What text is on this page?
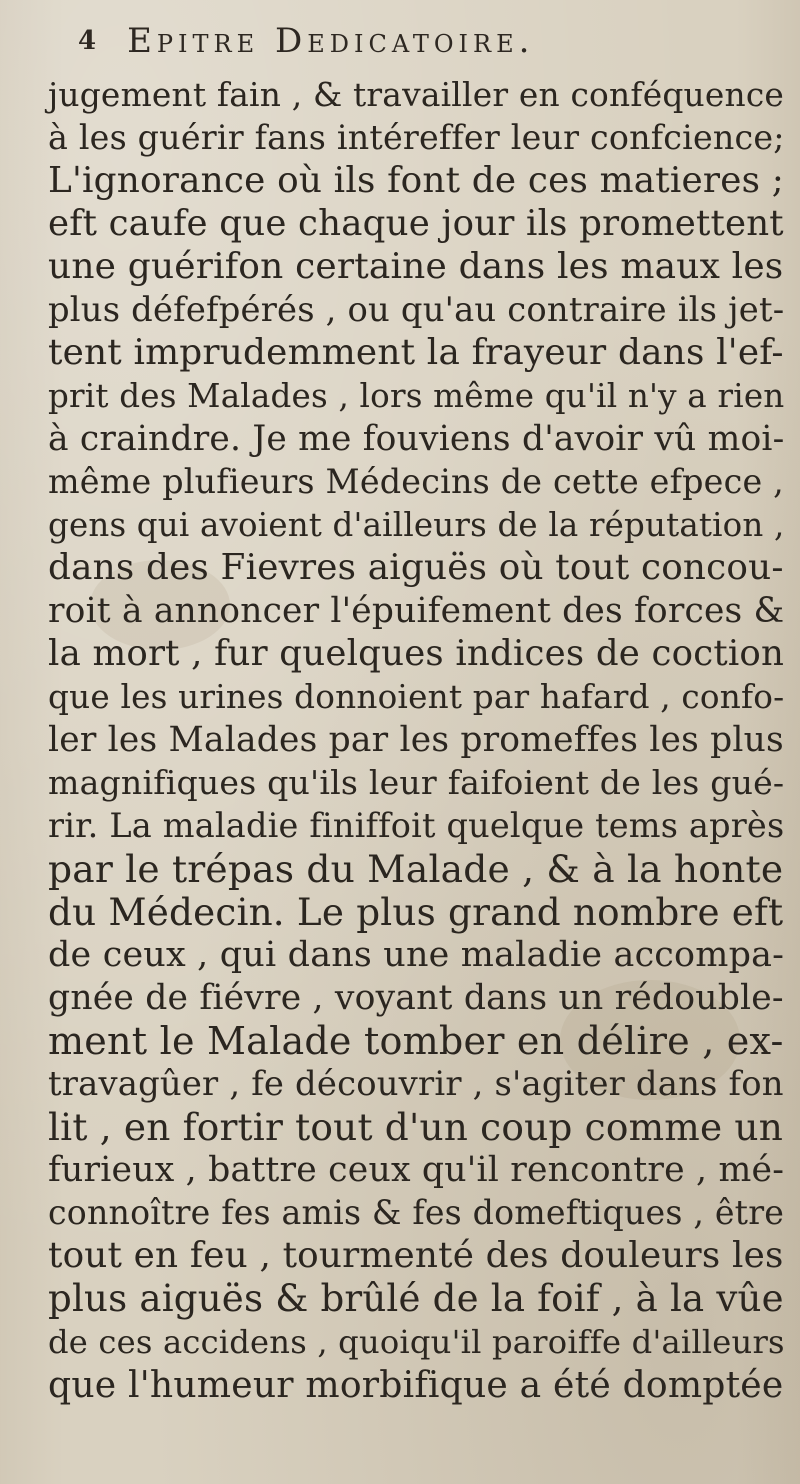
4 Epitre Dedicatoire.
jugement fain , & travailler en conféquence
à les guérir fans intéreffer leur confcience;
L'ignorance où ils font de ces matieres ;
eft caufe que chaque jour ils promettent
une guérifon certaine dans les maux les
plus défefpérés , ou qu'au contraire ils jet-
tent imprudemment la frayeur dans l'ef-
prit des Malades , lors même qu'il n'y a rien
à craindre. Je me fouviens d'avoir vû moi-
même plufieurs Médecins de cette efpece ,
gens qui avoient d'ailleurs de la réputation ,
dans des Fievres aiguës où tout concou-
roit à annoncer l'épuifement des forces &
la mort , fur quelques indices de coction
que les urines donnoient par hafard , confo-
ler les Malades par les promeffes les plus
magnifiques qu'ils leur faifoient de les gué-
rir. La maladie finiffoit quelque tems après
par le trépas du Malade , & à la honte
du Médecin. Le plus grand nombre eft
de ceux , qui dans une maladie accompa-
gnée de fiévre , voyant dans un rédouble-
ment le Malade tomber en délire , ex-
travagûer , fe découvrir , s'agiter dans fon
lit , en fortir tout d'un coup comme un
furieux , battre ceux qu'il rencontre , mé-
connoître fes amis & fes domeftiques , être
tout en feu , tourmenté des douleurs les
plus aiguës & brûlé de la foif , à la vûe
de ces accidens , quoiqu'il paroiffe d'ailleurs
que l'humeur morbifique a été domptée
